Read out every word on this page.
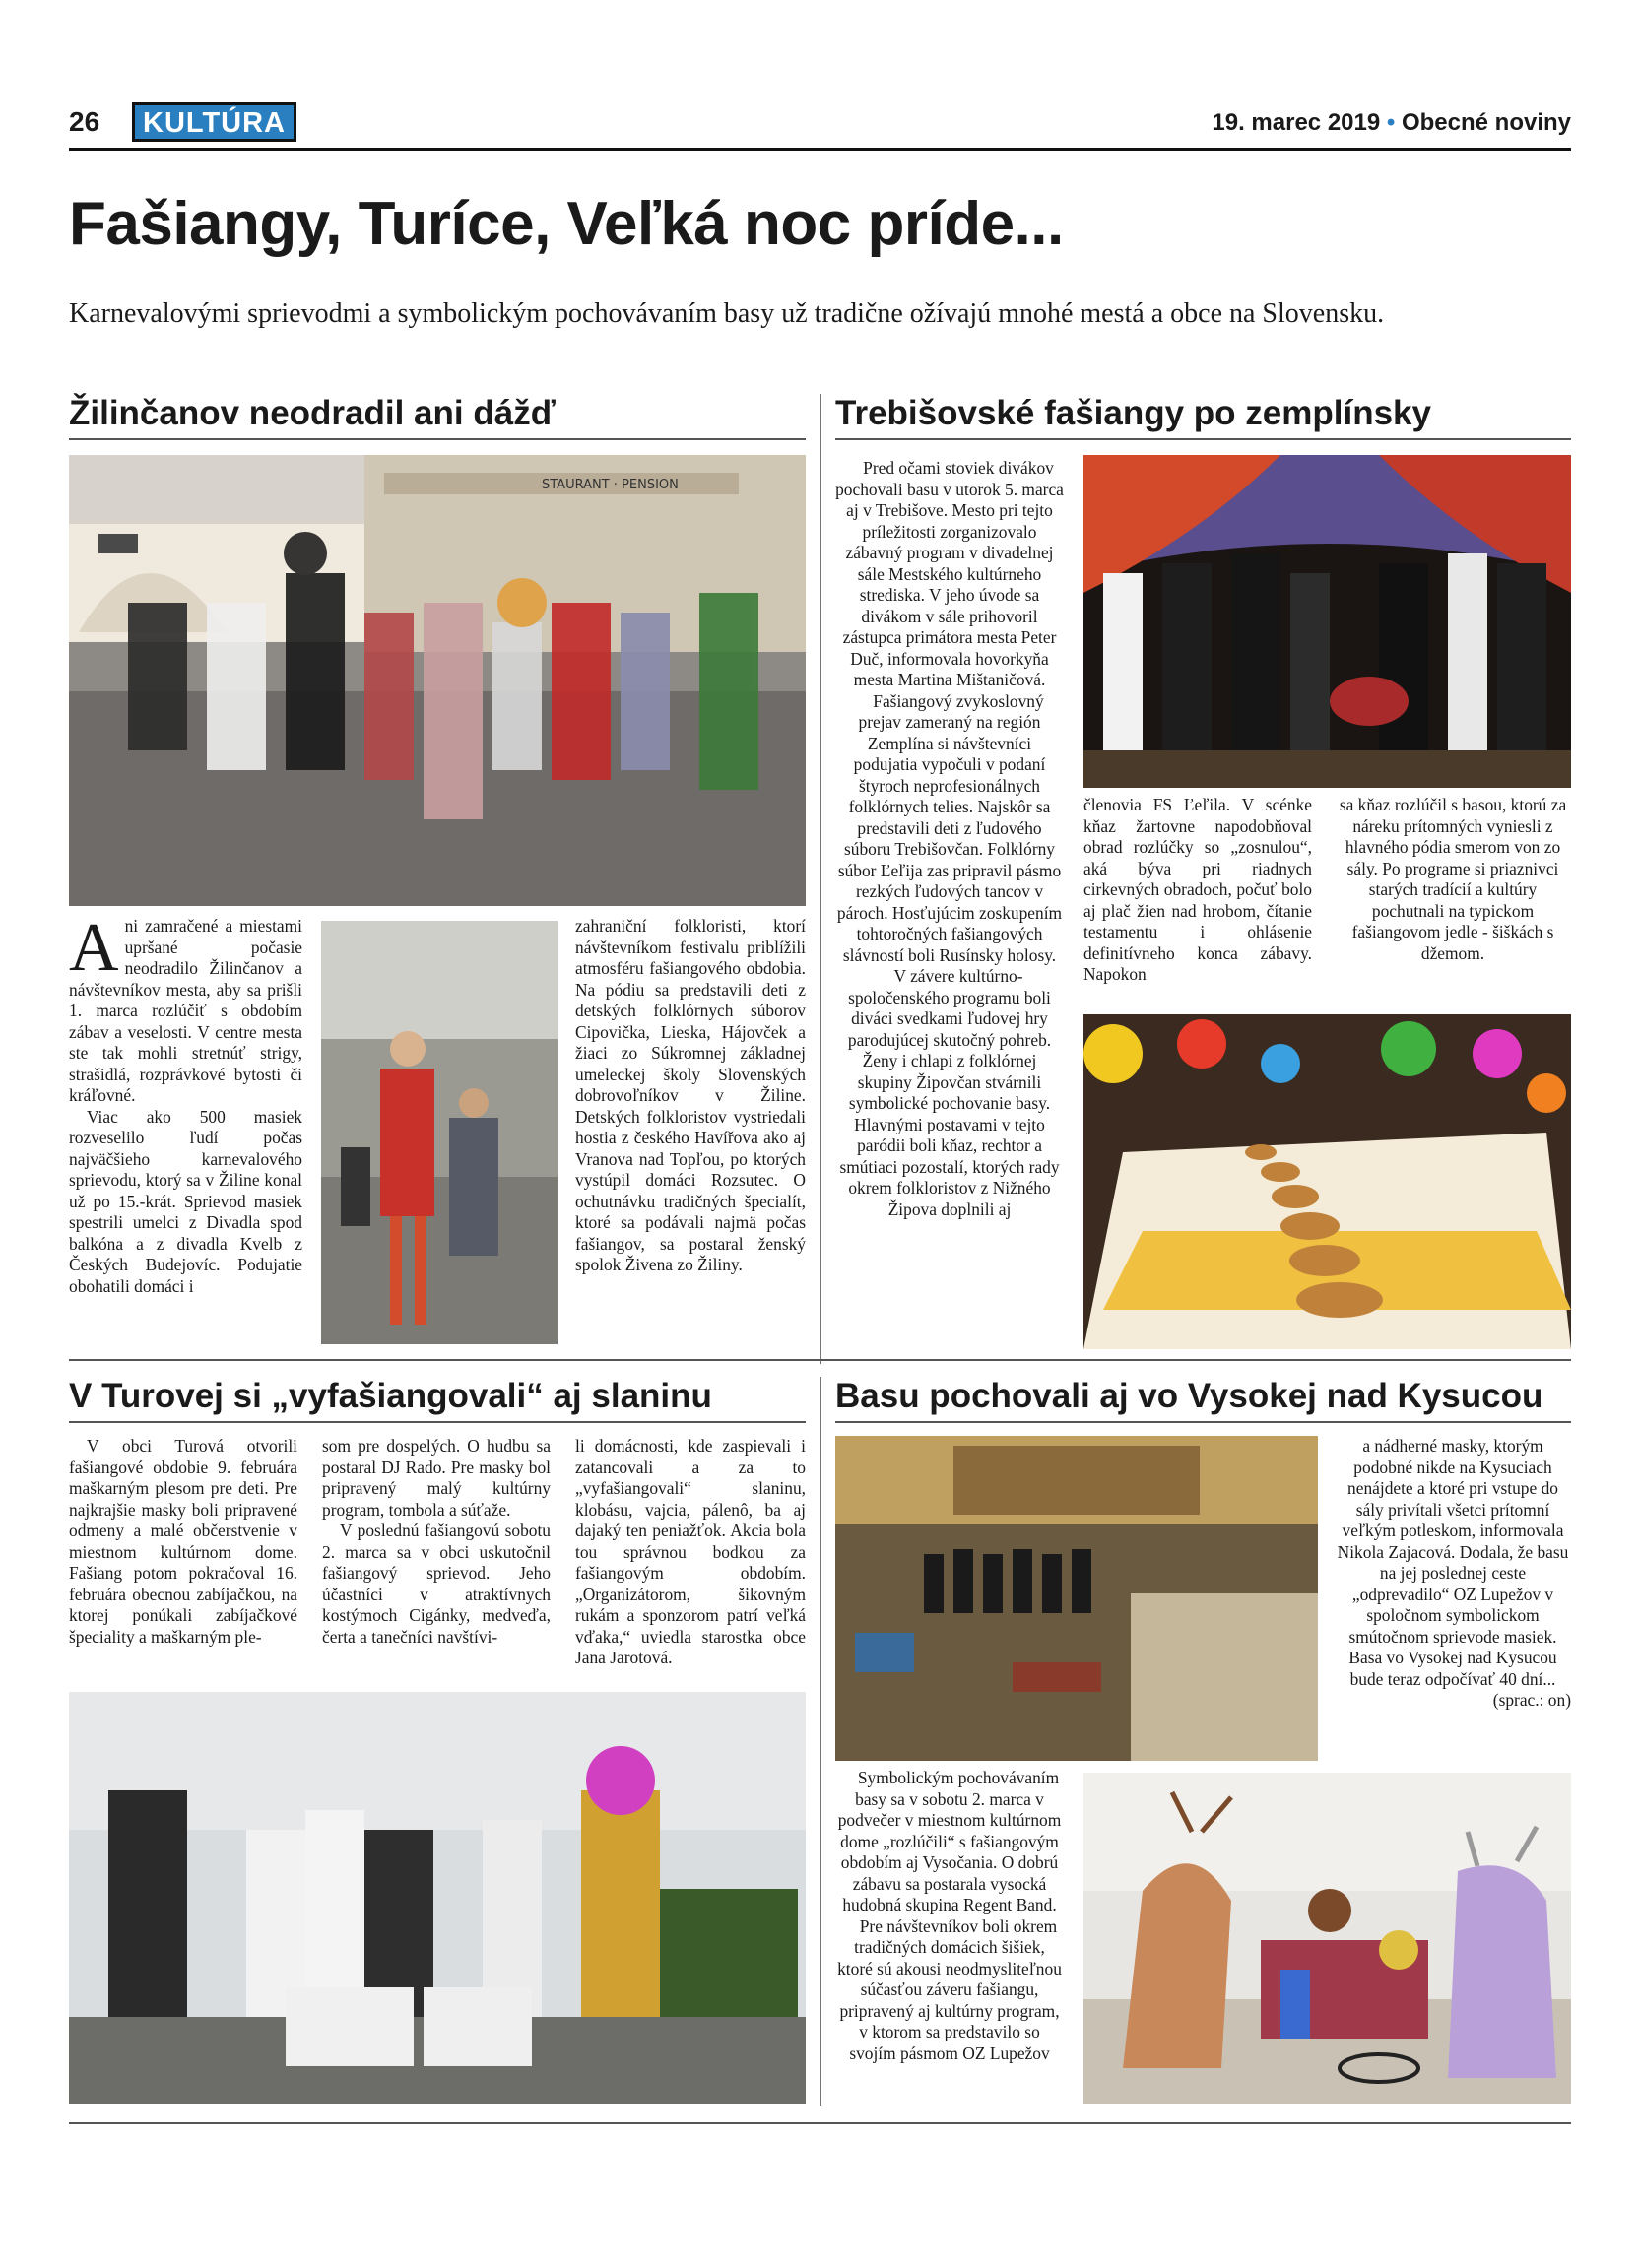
26	KULTÚRA	19. marec 2019 • Obecné noviny
Fašiangy, Turíce, Veľká noc príde...
Karnevalovými sprievodmi a symbolickým pochovávaním basy už tradične ožívajú mnohé mestá a obce na Slovensku.
Žilinčanov neodradil ani dážď
STAURANT · PENSION
A ni zamračené a miestami upršané počasie neodradilo Žilinčanov a návštevníkov mesta, aby sa prišli 1. marca rozlúčiť s obdobím zábav a veselosti. V centre mesta ste tak mohli stretnúť strigy, strašidlá, rozprávkové bytosti či kráľovné.

Viac ako 500 masiek rozveselilo ľudí počas najväčšieho karnevalového sprievodu, ktorý sa v Žiline konal už po 15.-krát. Sprievod masiek spestrili umelci z Divadla spod balkóna a z divadla Kvelb z Českých Budejovíc. Podujatie obohatili domáci i

zahraniční folkloristi, ktorí návštevníkom festivalu priblížili atmosféru fašiangového obdobia. Na pódiu sa predstavili deti z detských folklórnych súborov Cipovička, Lieska, Hájovček a žiaci zo Súkromnej základnej umeleckej školy Slovenských dobrovoľníkov v Žiline. Detských folkloristov vystriedali hostia z českého Havířova ako aj Vranova nad Topľou, po ktorých vystúpil domáci Rozsutec. O ochutnávku tradičných špecialít, ktoré sa podávali najmä počas fašiangov, sa postaral ženský spolok Živena zo Žiliny.
Trebišovské fašiangy po zemplínsky

Pred očami stoviek divákov pochovali basu v utorok 5. marca aj v Trebišove. Mesto pri tejto príležitosti zorganizovalo zábavný program v divadelnej sále Mestského kultúrneho strediska. V jeho úvode sa divákom v sále prihovoril zástupca primátora mesta Peter Duč, informovala hovorkyňa mesta Martina Mištaničová.

Fašiangový zvykoslovný prejav zameraný na región Zemplína si návštevníci podujatia vypočuli v podaní štyroch neprofesionálnych folklórnych telies. Najskôr sa predstavili deti z ľudového súboru Trebišovčan. Folklórny súbor Ľeľija zas pripravil pásmo rezkých ľudových tancov v pároch. Hosťujúcim zoskupením tohtoročných fašiangových slávností boli Rusínsky holosy.

V závere kultúrno-spoločenského programu boli diváci svedkami ľudovej hry parodujúcej skutočný pohreb. Ženy i chlapi z folklórnej skupiny Žipovčan stvárnili symbolické pochovanie basy. Hlavnými postavami v tejto paródii boli kňaz, rechtor a smútiaci pozostalí, ktorých rady okrem folkloristov z Nižného Žipova doplnili aj

členovia FS Ľeľila. V scénke kňaz žartovne napodobňoval obrad rozlúčky so „zosnulou“, aká býva pri riadnych cirkevných obradoch, počuť bolo aj plač žien nad hrobom, čítanie testamentu i ohlásenie definitívneho konca zábavy. Napokon
sa kňaz rozlúčil s basou, ktorú za náreku prítomných vyniesli z hlavného pódia smerom von zo sály. Po programe si priaznivci starých tradícií a kultúry pochutnali na typickom fašiangovom jedle - šiškách s džemom.
V Turovej si „vyfašiangovali“ aj slaninu

V obci Turová otvorili fašiangové obdobie 9. februára maškarným plesom pre deti. Pre najkrajšie masky boli pripravené odmeny a malé občerstvenie v miestnom kultúrnom dome. Fašiang potom pokračoval 16. februára obecnou zabíjačkou, na ktorej ponúkali zabíjačkové špeciality a maškarným ple-

som pre dospelých. O hudbu sa postaral DJ Rado. Pre masky bol pripravený malý kultúrny program, tombola a súťaže.

V poslednú fašiangovú sobotu 2. marca sa v obci uskutočnil fašiangový sprievod. Jeho účastníci v atraktívnych kostýmoch Cigánky, medveďa, čerta a tanečníci navštívi-

li domácnosti, kde zaspievali i zatancovali a za to „vyfašiangovali“ slaninu, klobásu, vajcia, pálenô, ba aj dajaký ten peniažťok. Akcia bola tou správnou bodkou za fašiangovým obdobím. „Organizátorom, šikovným rukám a sponzorom patrí veľká vďaka,“ uviedla starostka obce Jana Jarotová.

Basu pochovali aj vo Vysokej nad Kysucou

a nádherné masky, ktorým podobné nikde na Kysuciach nenájdete a ktoré pri vstupe do sály privítali všetci prítomní veľkým potleskom, informovala Nikola Zajacová. Dodala, že basu na jej poslednej ceste „odprevadilo“ OZ Lupežov v spoločnom symbolickom smútočnom sprievode masiek. Basa vo Vysokej nad Kysucou bude teraz odpočívať 40 dní...

(sprac.: on)

Symbolickým pochovávaním basy sa v sobotu 2. marca v podvečer v miestnom kultúrnom dome „rozlúčili“ s fašiangovým obdobím aj Vysočania. O dobrú zábavu sa postarala vysocká hudobná skupina Regent Band.

Pre návštevníkov boli okrem tradičných domácich šišiek, ktoré sú akousi neodmysliteľnou súčasťou záveru fašiangu, pripravený aj kultúrny program, v ktorom sa predstavilo so svojím pásmom OZ Lupežov
